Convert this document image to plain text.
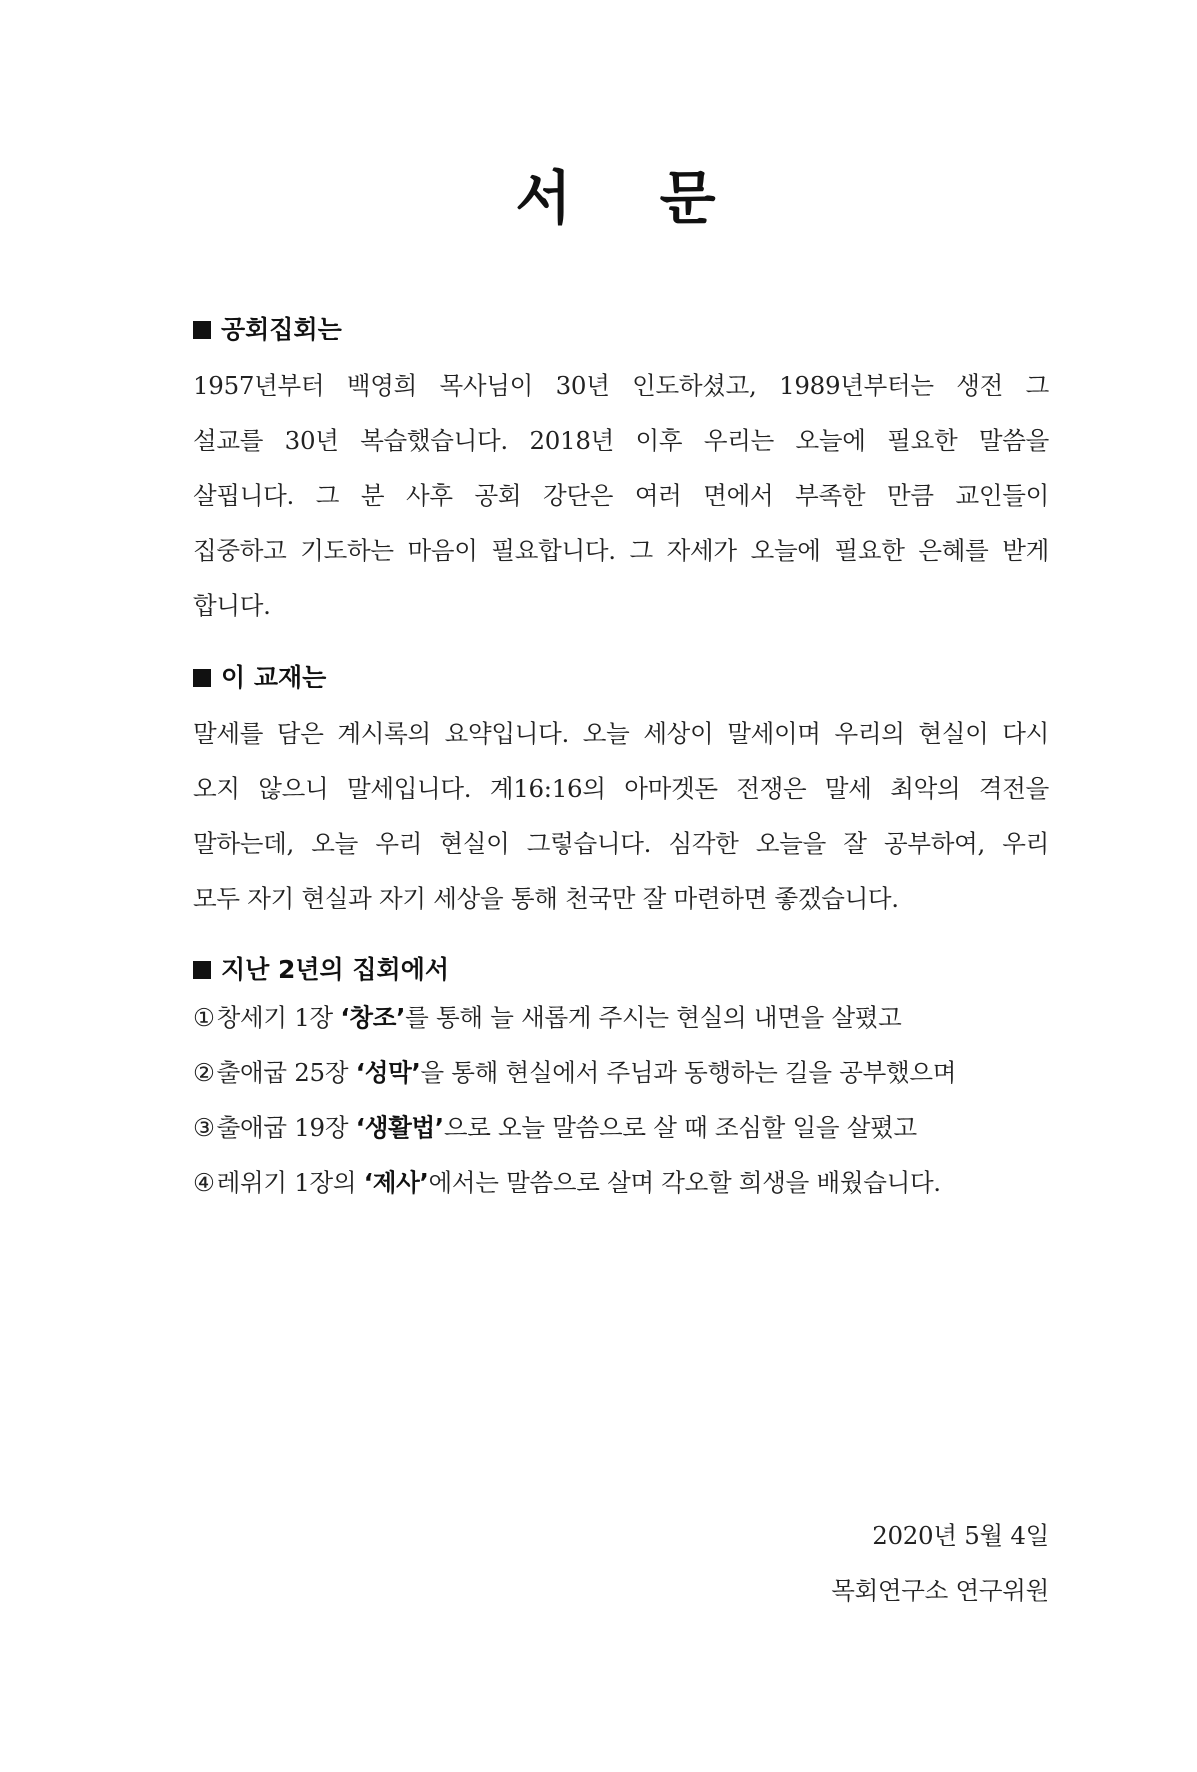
서 문
공회집회는

1957년부터 백영희 목사님이 30년 인도하셨고, 1989년부터는 생전 그
설교를 30년 복습했습니다. 2018년 이후 우리는 오늘에 필요한 말씀을
살핍니다. 그 분 사후 공회 강단은 여러 면에서 부족한 만큼 교인들이
집중하고 기도하는 마음이 필요합니다. 그 자세가 오늘에 필요한 은혜를 받게
합니다.

이 교재는

말세를 담은 계시록의 요약입니다. 오늘 세상이 말세이며 우리의 현실이 다시
오지 않으니 말세입니다. 계16:16의 아마겟돈 전쟁은 말세 최악의 격전을
말하는데, 오늘 우리 현실이 그렇습니다. 심각한 오늘을 잘 공부하여, 우리
모두 자기 현실과 자기 세상을 통해 천국만 잘 마련하면 좋겠습니다.

지난 2년의 집회에서
①창세기 1장 ‘창조’를 통해 늘 새롭게 주시는 현실의 내면을 살폈고
②출애굽 25장 ‘성막’을 통해 현실에서 주님과 동행하는 길을 공부했으며
③출애굽 19장 ‘생활법’으로 오늘 말씀으로 살 때 조심할 일을 살폈고
④레위기 1장의 ‘제사’에서는 말씀으로 살며 각오할 희생을 배웠습니다.
2020년 5월 4일
목회연구소 연구위원
